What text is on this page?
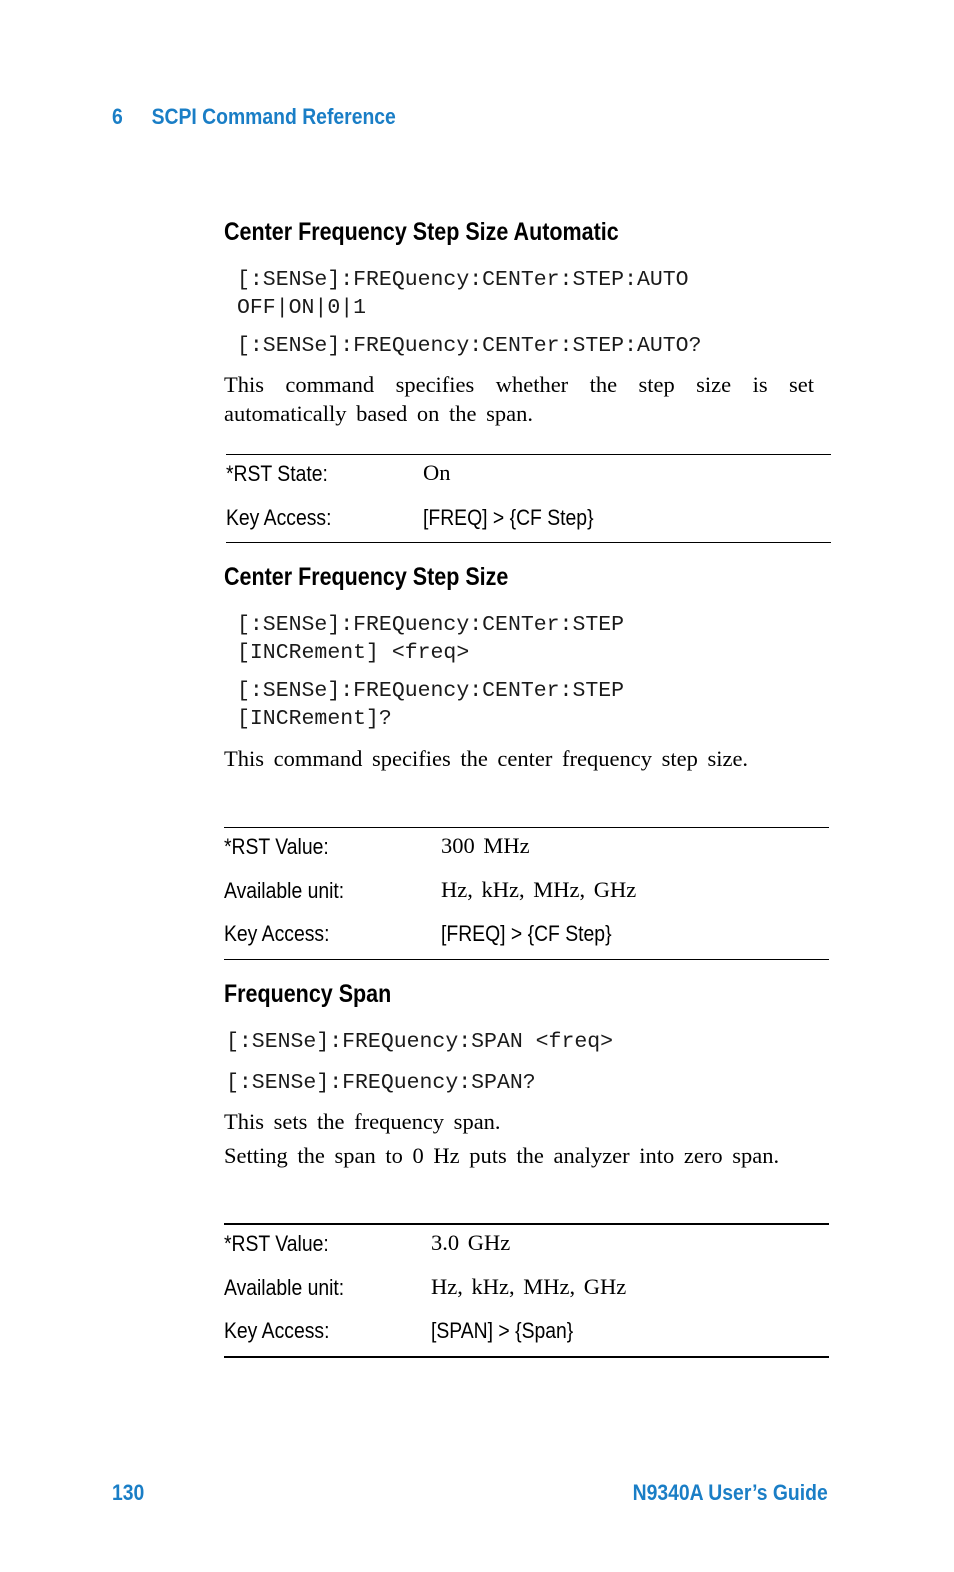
6 SCPI Command Reference
Center Frequency Step Size Automatic
[:SENSe]:FREQuency:CENTer:STEP:AUTO
OFF|ON|0|1
[:SENSe]:FREQuency:CENTer:STEP:AUTO?
This command specifies whether the step size is set automatically based on the span.
*RST State:	On
Key Access:	[FREQ] > {CF Step}
Center Frequency Step Size
[:SENSe]:FREQuency:CENTer:STEP
[INCRement] <freq>
[:SENSe]:FREQuency:CENTer:STEP
[INCRement]?
This command specifies the center frequency step size.
*RST Value:	300 MHz
Available unit:	Hz, kHz, MHz, GHz
Key Access:	[FREQ] > {CF Step}
Frequency Span
[:SENSe]:FREQuency:SPAN <freq>
[:SENSe]:FREQuency:SPAN?
This sets the frequency span.
Setting the span to 0 Hz puts the analyzer into zero span.
*RST Value:	3.0 GHz
Available unit:	Hz, kHz, MHz, GHz
Key Access:	[SPAN] > {Span}
130	N9340A User’s Guide
